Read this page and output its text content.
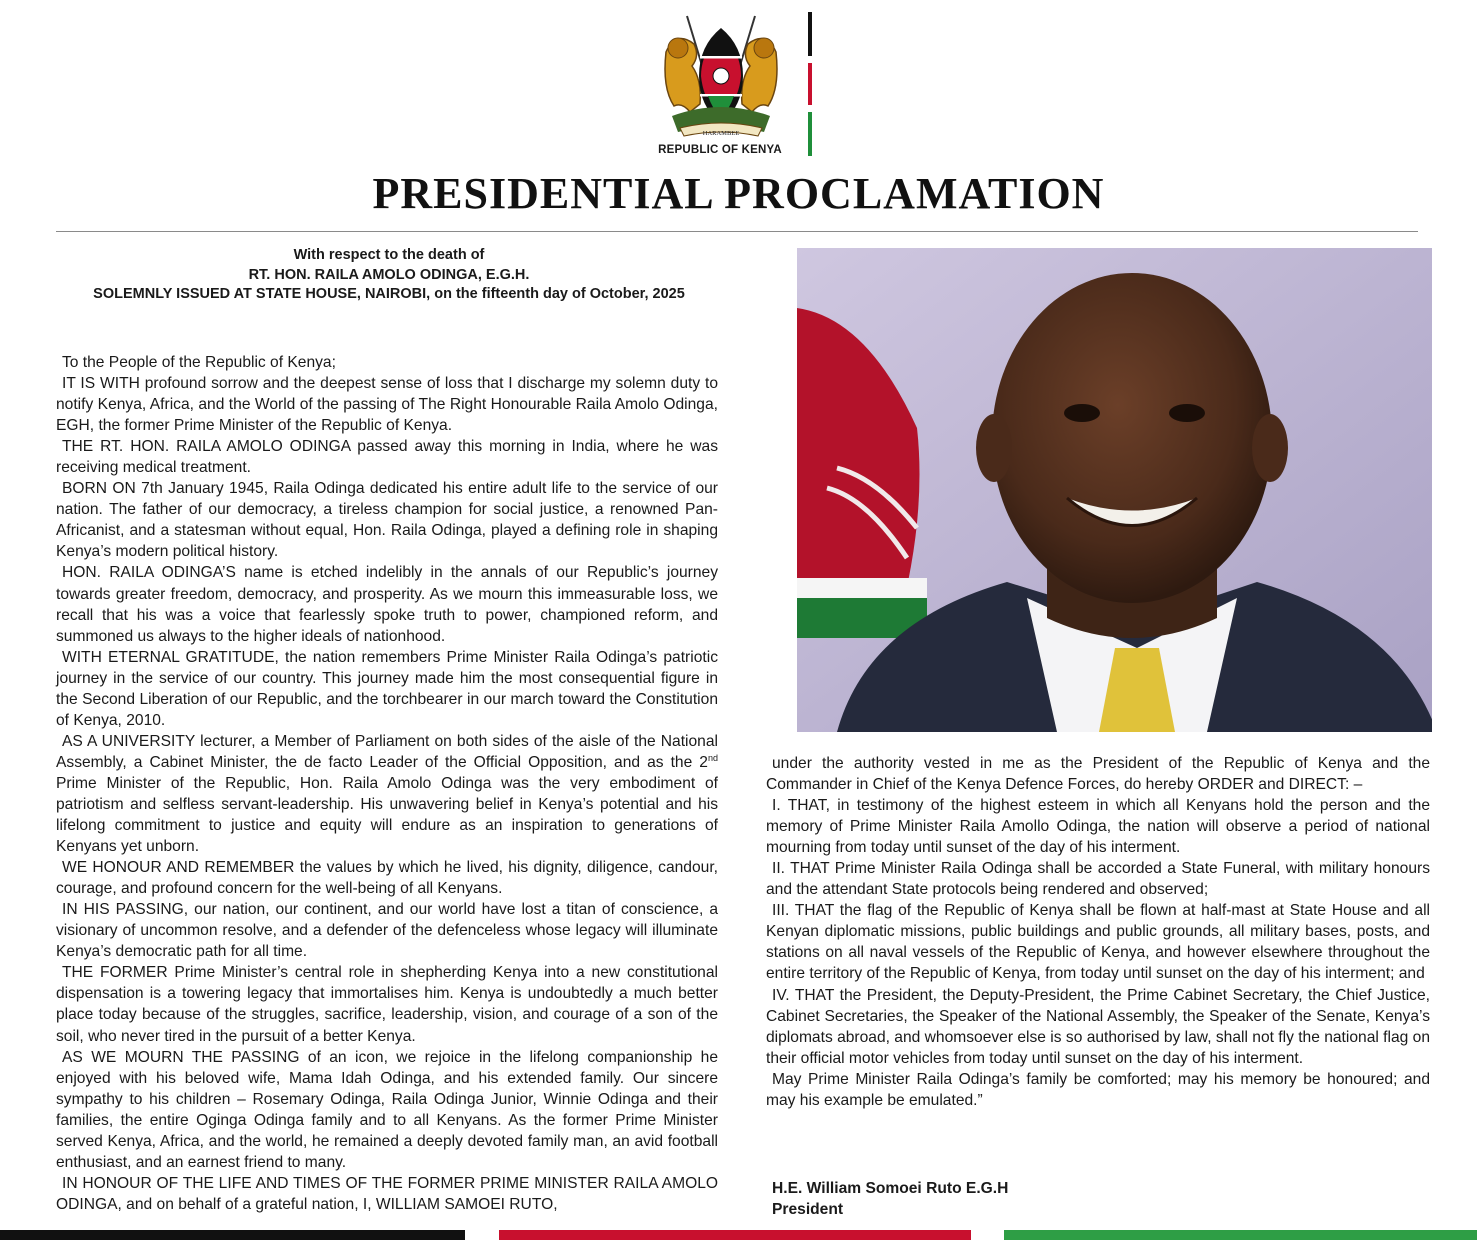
HARAMBEE
REPUBLIC OF KENYA
PRESIDENTIAL PROCLAMATION
With respect to the death of
RT. HON. RAILA AMOLO ODINGA, E.G.H.
SOLEMNLY ISSUED AT STATE HOUSE, NAIROBI, on the fifteenth day of October, 2025

To the People of the Republic of Kenya;

IT IS WITH profound sorrow and the deepest sense of loss that I discharge my solemn duty to notify Kenya, Africa, and the World of the passing of The Right Honourable Raila Amolo Odinga, EGH, the former Prime Minister of the Republic of Kenya.

THE RT. HON. RAILA AMOLO ODINGA passed away this morning in India, where he was receiving medical treatment.

BORN ON 7th January 1945, Raila Odinga dedicated his entire adult life to the service of our nation. The father of our democracy, a tireless champion for social justice, a renowned Pan-Africanist, and a statesman without equal, Hon. Raila Odinga, played a defining role in shaping Kenya’s modern political history.

HON. RAILA ODINGA’S name is etched indelibly in the annals of our Republic’s journey towards greater freedom, democracy, and prosperity. As we mourn this immeasurable loss, we recall that his was a voice that fearlessly spoke truth to power, championed reform, and summoned us always to the higher ideals of nationhood.

WITH ETERNAL GRATITUDE, the nation remembers Prime Minister Raila Odinga’s patriotic journey in the service of our country. This journey made him the most consequential figure in the Second Liberation of our Republic, and the torchbearer in our march toward the Constitution of Kenya, 2010.

AS A UNIVERSITY lecturer, a Member of Parliament on both sides of the aisle of the National Assembly, a Cabinet Minister, the de facto Leader of the Official Opposition, and as the 2nd Prime Minister of the Republic, Hon. Raila Amolo Odinga was the very embodiment of patriotism and selfless servant-leadership. His unwavering belief in Kenya’s potential and his lifelong commitment to justice and equity will endure as an inspiration to generations of Kenyans yet unborn.

WE HONOUR AND REMEMBER the values by which he lived, his dignity, diligence, candour, courage, and profound concern for the well-being of all Kenyans.

IN HIS PASSING, our nation, our continent, and our world have lost a titan of conscience, a visionary of uncommon resolve, and a defender of the defenceless whose legacy will illuminate Kenya’s democratic path for all time.

THE FORMER Prime Minister’s central role in shepherding Kenya into a new constitutional dispensation is a towering legacy that immortalises him. Kenya is undoubtedly a much better place today because of the struggles, sacrifice, leadership, vision, and courage of a son of the soil, who never tired in the pursuit of a better Kenya.

AS WE MOURN THE PASSING of an icon, we rejoice in the lifelong companionship he enjoyed with his beloved wife, Mama Idah Odinga, and his extended family. Our sincere sympathy to his children – Rosemary Odinga, Raila Odinga Junior, Winnie Odinga and their families, the entire Oginga Odinga family and to all Kenyans. As the former Prime Minister served Kenya, Africa, and the world, he remained a deeply devoted family man, an avid football enthusiast, and an earnest friend to many.

IN HONOUR OF THE LIFE AND TIMES OF THE FORMER PRIME MINISTER RAILA AMOLO ODINGA, and on behalf of a grateful nation, I, WILLIAM SAMOEI RUTO,

under the authority vested in me as the President of the Republic of Kenya and the Commander in Chief of the Kenya Defence Forces, do hereby ORDER and DIRECT: –

I. THAT, in testimony of the highest esteem in which all Kenyans hold the person and the memory of Prime Minister Raila Amollo Odinga, the nation will observe a period of national mourning from today until sunset of the day of his interment.

II. THAT Prime Minister Raila Odinga shall be accorded a State Funeral, with military honours and the attendant State protocols being rendered and observed;

III. THAT the flag of the Republic of Kenya shall be flown at half-mast at State House and all Kenyan diplomatic missions, public buildings and public grounds, all military bases, posts, and stations on all naval vessels of the Republic of Kenya, and however elsewhere throughout the entire territory of the Republic of Kenya, from today until sunset on the day of his interment; and

IV. THAT the President, the Deputy-President, the Prime Cabinet Secretary, the Chief Justice, Cabinet Secretaries, the Speaker of the National Assembly, the Speaker of the Senate, Kenya’s diplomats abroad, and whomsoever else is so authorised by law, shall not fly the national flag on their official motor vehicles from today until sunset on the day of his interment.

May Prime Minister Raila Odinga’s family be comforted; may his memory be honoured; and may his example be emulated.”

H.E. William Somoei Ruto E.G.H
President
